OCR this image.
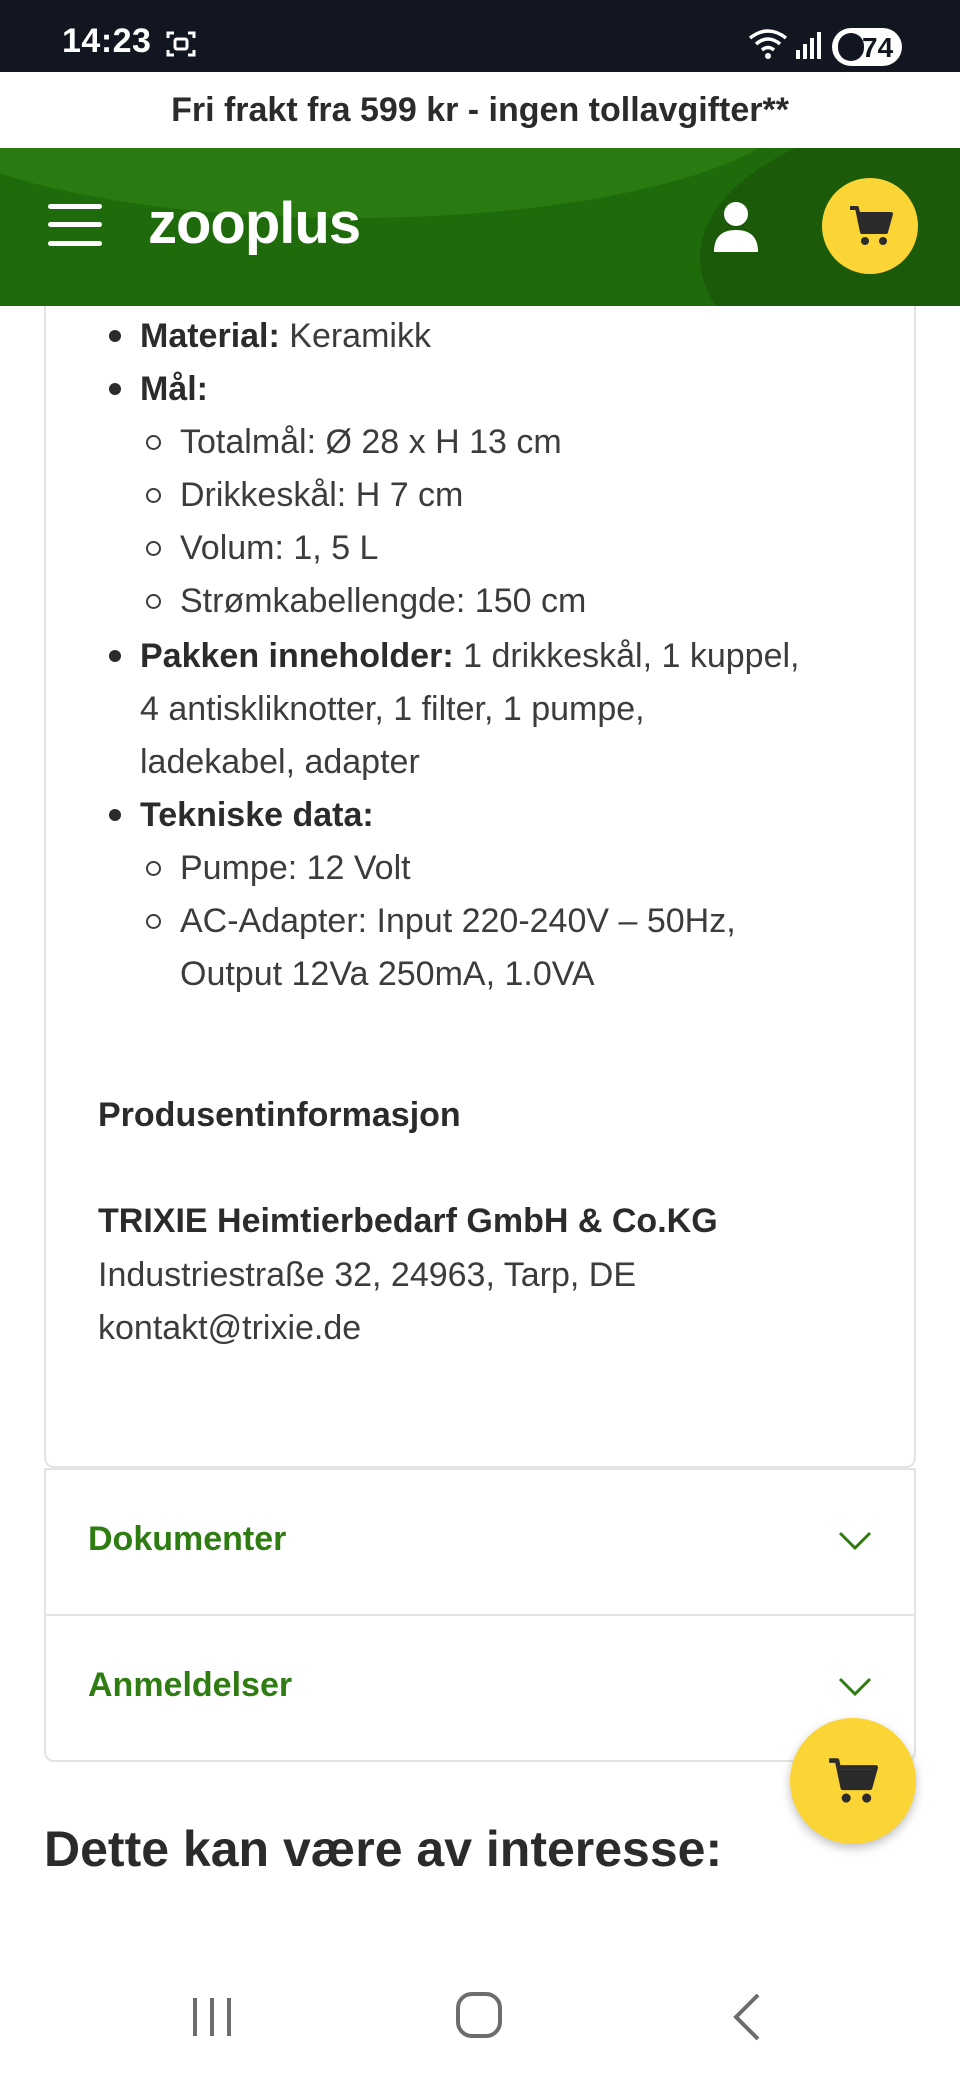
14:23	74
Fri frakt fra 599 kr - ingen tollavgifter**
zooplus
Material: Keramikk
Mål:
Totalmål: Ø 28 x H 13 cm
Drikkeskål: H 7 cm
Volum: 1, 5 L
Strømkabellengde: 150 cm
Pakken inneholder: 1 drikkeskål, 1 kuppel,
4 antiskliknotter, 1 filter, 1 pumpe,
ladekabel, adapter
Tekniske data:
Pumpe: 12 Volt
AC-Adapter: Input 220-240V – 50Hz,
Output 12Va 250mA, 1.0VA
Produsentinformasjon
TRIXIE Heimtierbedarf GmbH & Co.KG
Industriestraße 32, 24963, Tarp, DE
kontakt@trixie.de
Dokumenter
Anmeldelser
Dette kan være av interesse:
